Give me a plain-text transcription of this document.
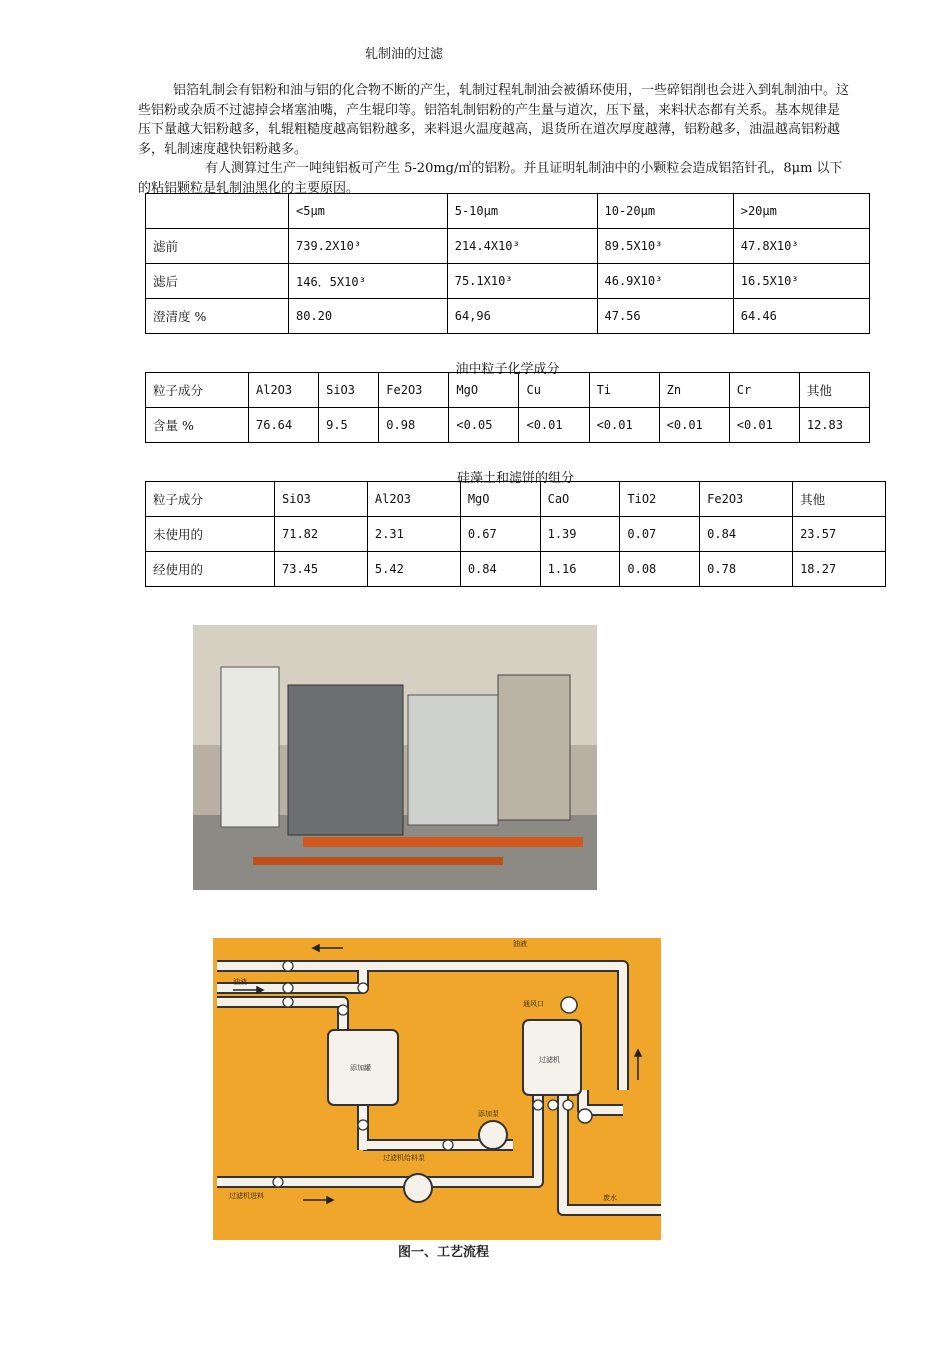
轧制油的过滤

铝箔轧制会有铝粉和油与铝的化合物不断的产生，轧制过程轧制油会被循环使用，一些碎铝削也会进入到轧制油中。这些铝粉或杂质不过滤掉会堵塞油嘴，产生辊印等。铝箔轧制铝粉的产生量与道次，压下量，来料状态都有关系。基本规律是压下量越大铝粉越多，轧辊粗糙度越高铝粉越多，来料退火温度越高，退货所在道次厚度越薄，铝粉越多，油温越高铝粉越多，轧制速度越快铝粉越多。

有人测算过生产一吨纯铝板可产生 5-20mg/㎡的铝粉。并且证明轧制油中的小颗粒会造成铝箔针孔，8μm 以下的粘铝颗粒是轧制油黑化的主要原因。

	<5μm	5-10μm	10-20μm	>20μm
滤前	739.2X10³	214.4X10³	89.5X10³	47.8X10³
滤后	146．5X10³	75.1X10³	46.9X10³	16.5X10³
澄清度 %	80.20	64,96	47.56	64.46
油中粒子化学成分
粒子成分	Al2O3	SiO3	Fe2O3	MgO	Cu	Ti	Zn	Cr	其他
含量 %	76.64	9.5	0.98	<0.05	<0.01	<0.01	<0.01	<0.01	12.83
硅藻土和滤饼的组分
粒子成分	SiO3	Al2O3	MgO	CaO	TiO2	Fe2O3	其他
未使用的	71.82	2.31	0.67	1.39	0.07	0.84	23.57
经使用的	73.45	5.42	0.84	1.16	0.08	0.78	18.27
油液
油液
添加罐
过滤机
通风口
添加泵
过滤机给料泵
过滤机进料	废水
图一、工艺流程
